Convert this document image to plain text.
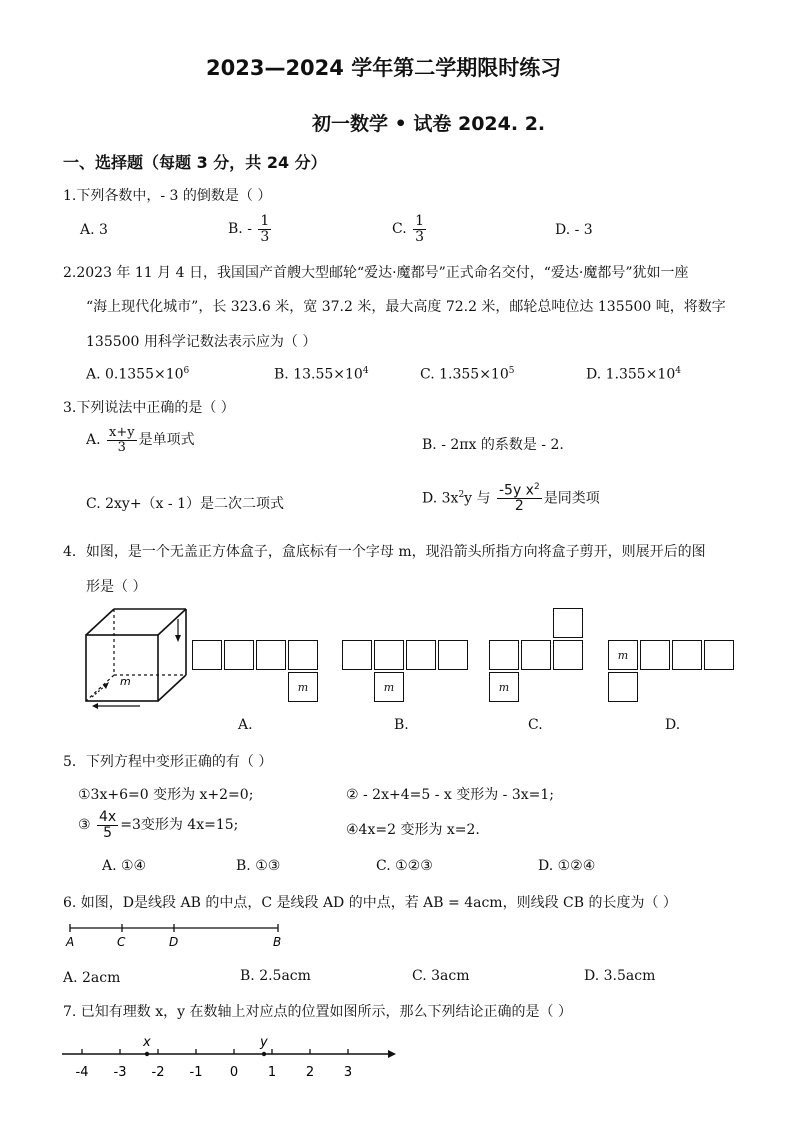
2023—2024 学年第二学期限时练习
初一数学 • 试卷 2024. 2.
一、选择题（每题 3 分，共 24 分）
1.下列各数中，- 3 的倒数是（ ）
A. 3	B. - $\frac{1}{3}$	C. $\frac{1}{3}$	D. - 3
2.2023 年 11 月 4 日，我国国产首艘大型邮轮“爱达·魔都号”正式命名交付，“爱达·魔都号”犹如一座
“海上现代化城市”，长 323.6 米，宽 37.2 米，最大高度 72.2 米，邮轮总吨位达 135500 吨，将数字
135500 用科学记数法表示应为（ ）
A. $0.1355\times 10^6$	B. $13.55\times 10^4$	C. $1.355\times 10^5$	D. $1.355\times 10^4$
3.下列说法中正确的是（ ）
A. $\frac{x+y}{3}$ 是单项式	B. - 2πx 的系数是 - 2.
C. 2xy+（x - 1）是二次二项式	D. $3x^2y$ 与 $\frac{-5y x^2}{2}$ 是同类项
4．如图，是一个无盖正方体盒子，盒底标有一个字母 m，现沿箭头所指方向将盒子剪开，则展开后的图
形是（ ）
m	m
A.
m
B.
m
C.
m
D.
5．下列方程中变形正确的有（ ）
①3x+6=0 变形为 x+2=0;	② - 2x+4=5 - x 变形为 - 3x=1;
③ $\frac{4x}{5} =3$变形为 4x=15;	④4x=2 变形为 x=2.
A. ①④	B. ①③	C. ①②③	D. ①②④
6. 如图，D是线段 AB 的中点，C 是线段 AD 的中点，若 AB = 4acm，则线段 CB 的长度为（ ）
A	C	D	B
A. 2acm	B. 2.5acm	C. 3acm	D. 3.5acm
7. 已知有理数 x，y 在数轴上对应点的位置如图所示，那么下列结论正确的是（ ）
-4 -3 -2 -1 0 1 2 3
x	y
